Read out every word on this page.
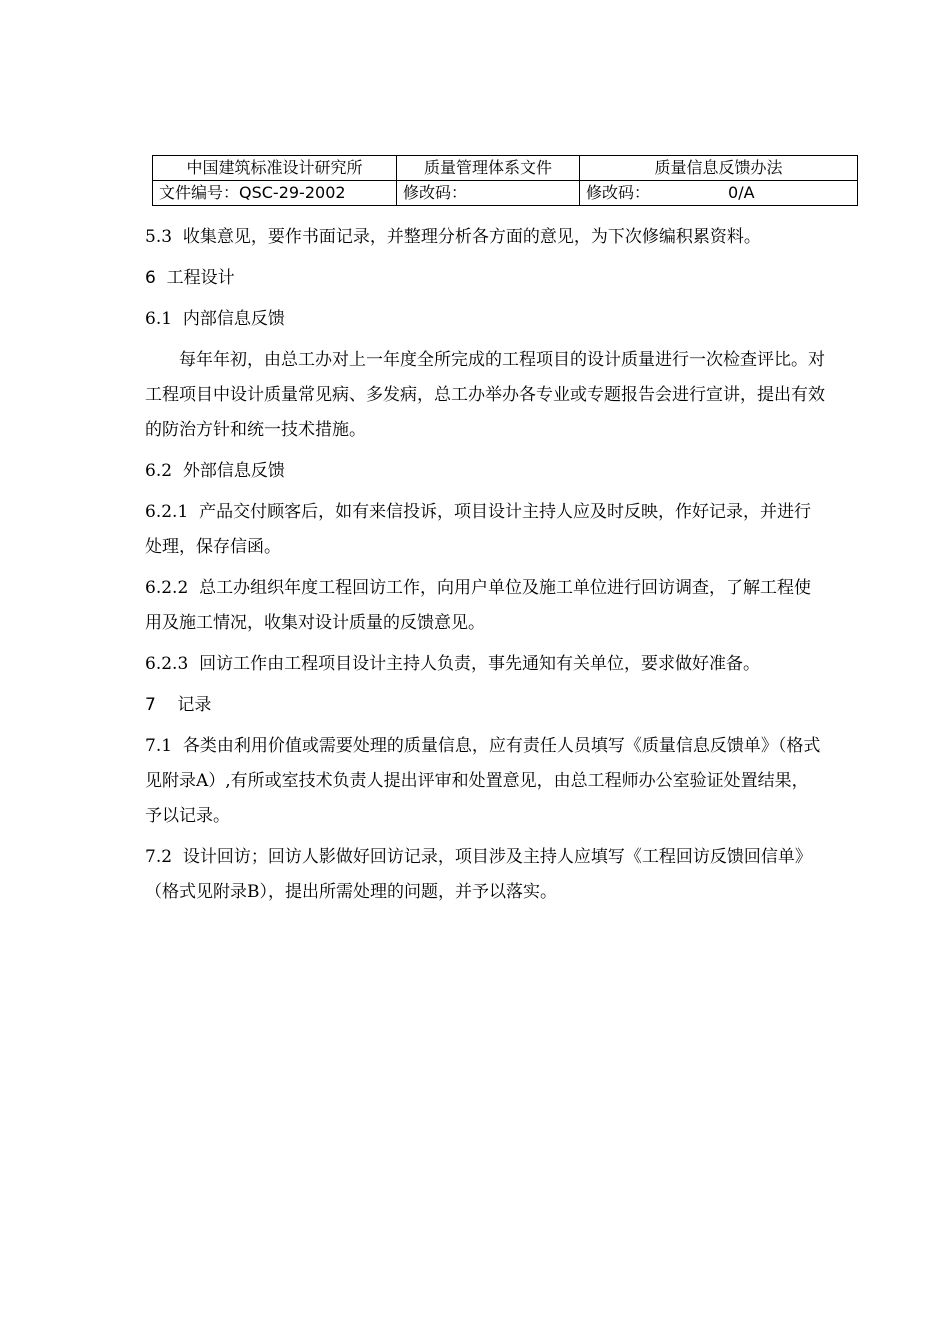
中国建筑标准设计研究所	质量管理体系文件	质量信息反馈办法
文件编号：QSC-29-2002	修改码：	修改码： 0/A

5.3  收集意见，要作书面记录，并整理分析各方面的意见，为下次修编积累资料。

6  工程设计

6.1  内部信息反馈

每年年初，由总工办对上一年度全所完成的工程项目的设计质量进行一次检查评比。对工程项目中设计质量常见病、多发病，总工办举办各专业或专题报告会进行宣讲，提出有效的防治方针和统一技术措施。

6.2  外部信息反馈

6.2.1  产品交付顾客后，如有来信投诉，项目设计主持人应及时反映，作好记录，并进行处理，保存信函。

6.2.2  总工办组织年度工程回访工作，向用户单位及施工单位进行回访调查，了解工程使用及施工情况，收集对设计质量的反馈意见。

6.2.3  回访工作由工程项目设计主持人负责，事先通知有关单位，要求做好准备。

7    记录

7.1  各类由利用价值或需要处理的质量信息，应有责任人员填写《质量信息反馈单》（格式见附录A）,有所或室技术负责人提出评审和处置意见，由总工程师办公室验证处置结果，予以记录。

7.2  设计回访；回访人影做好回访记录，项目涉及主持人应填写《工程回访反馈回信单》（格式见附录B），提出所需处理的问题，并予以落实。
